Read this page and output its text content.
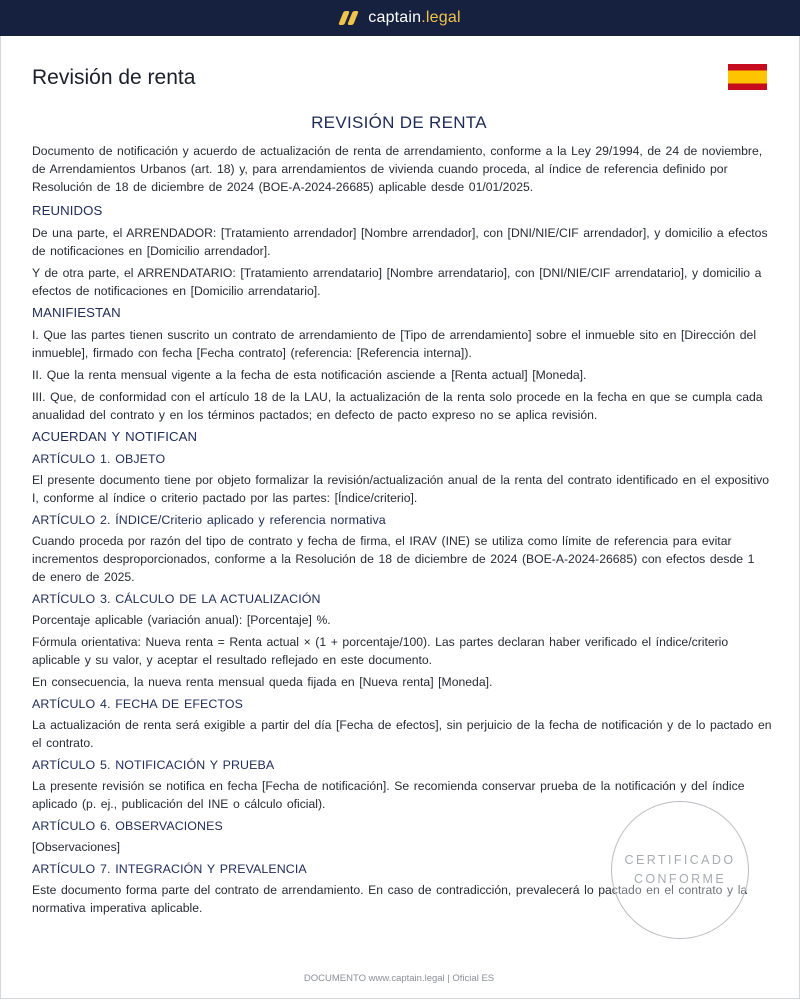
captain.legal
Revisión de renta
REVISIÓN DE RENTA

Documento de notificación y acuerdo de actualización de renta de arrendamiento, conforme a la Ley 29/1994, de 24 de noviembre, de Arrendamientos Urbanos (art. 18) y, para arrendamientos de vivienda cuando proceda, al índice de referencia definido por Resolución de 18 de diciembre de 2024 (BOE-A-2024-26685) aplicable desde 01/01/2025.

REUNIDOS

De una parte, el ARRENDADOR: [Tratamiento arrendador] [Nombre arrendador], con [DNI/NIE/CIF arrendador], y domicilio a efectos de notificaciones en [Domicilio arrendador].

Y de otra parte, el ARRENDATARIO: [Tratamiento arrendatario] [Nombre arrendatario], con [DNI/NIE/CIF arrendatario], y domicilio a efectos de notificaciones en [Domicilio arrendatario].

MANIFIESTAN

I. Que las partes tienen suscrito un contrato de arrendamiento de [Tipo de arrendamiento] sobre el inmueble sito en [Dirección del inmueble], firmado con fecha [Fecha contrato] (referencia: [Referencia interna]).

II. Que la renta mensual vigente a la fecha de esta notificación asciende a [Renta actual] [Moneda].

III. Que, de conformidad con el artículo 18 de la LAU, la actualización de la renta solo procede en la fecha en que se cumpla cada anualidad del contrato y en los términos pactados; en defecto de pacto expreso no se aplica revisión.

ACUERDAN Y NOTIFICAN
ARTÍCULO 1. OBJETO

El presente documento tiene por objeto formalizar la revisión/actualización anual de la renta del contrato identificado en el expositivo I, conforme al índice o criterio pactado por las partes: [Índice/criterio].

ARTÍCULO 2. ÍNDICE/Criterio aplicado y referencia normativa

Cuando proceda por razón del tipo de contrato y fecha de firma, el IRAV (INE) se utiliza como límite de referencia para evitar incrementos desproporcionados, conforme a la Resolución de 18 de diciembre de 2024 (BOE-A-2024-26685) con efectos desde 1 de enero de 2025.

ARTÍCULO 3. CÁLCULO DE LA ACTUALIZACIÓN

Porcentaje aplicable (variación anual): [Porcentaje] %.

Fórmula orientativa: Nueva renta = Renta actual × (1 + porcentaje/100). Las partes declaran haber verificado el índice/criterio aplicable y su valor, y aceptar el resultado reflejado en este documento.

En consecuencia, la nueva renta mensual queda fijada en [Nueva renta] [Moneda].

ARTÍCULO 4. FECHA DE EFECTOS

La actualización de renta será exigible a partir del día [Fecha de efectos], sin perjuicio de la fecha de notificación y de lo pactado en el contrato.

ARTÍCULO 5. NOTIFICACIÓN Y PRUEBA

La presente revisión se notifica en fecha [Fecha de notificación]. Se recomienda conservar prueba de la notificación y del índice aplicado (p. ej., publicación del INE o cálculo oficial).

ARTÍCULO 6. OBSERVACIONES

[Observaciones]

ARTÍCULO 7. INTEGRACIÓN Y PREVALENCIA

Este documento forma parte del contrato de arrendamiento. En caso de contradicción, prevalecerá lo pactado en el contrato y la normativa imperativa aplicable.

CERTIFICADO
CONFORME
DOCUMENTO www.captain.legal | Oficial ES
